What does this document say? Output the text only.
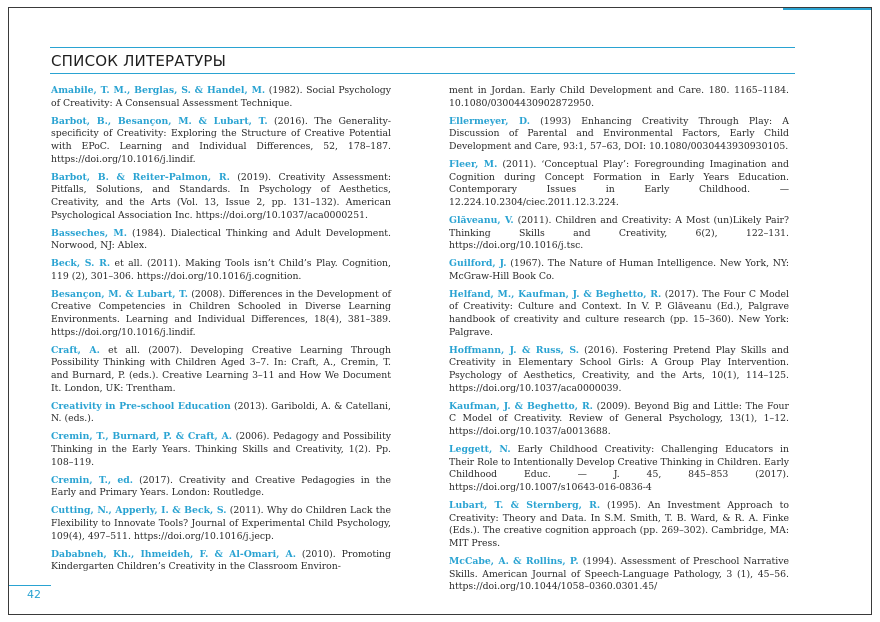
СПИСОК ЛИТЕРАТУРЫ

Amabile, T. M., Berglas, S. & Handel, M. (1982). Social Psychology of Creativity: A Consensual Assessment Technique.

Barbot, B., Besançon, M. & Lubart, T. (2016). The Generality-specificity of Creativity: Exploring the Structure of Creative Potential with EPoC. Learning and Individual Differences, 52, 178–187. https://doi.org/10.1016/j.lindif.

Barbot, B. & Reiter-Palmon, R. (2019). Creativity Assessment: Pitfalls, Solutions, and Standards. In Psychology of Aesthetics, Creativity, and the Arts (Vol. 13, Issue 2, pp. 131–132). American Psychological Association Inc. https://doi.org/10.1037/aca0000251.

Basseches, M. (1984). Dialectical Thinking and Adult Development. Norwood, NJ: Ablex.

Beck, S. R. et all. (2011). Making Tools isn’t Child’s Play. Cognition, 119 (2), 301–306. https://doi.org/10.1016/j.cognition.

Besançon, M. & Lubart, T. (2008). Differences in the Development of Creative Competencies in Children Schooled in Diverse Learning Environments. Learning and Individual Differences, 18(4), 381–389. https://doi.org/10.1016/j.lindif.

Craft, A. et all. (2007). Developing Creative Learning Through Possibility Thinking with Children Aged 3–7. In: Craft, A., Cremin, T. and Burnard, P. (eds.). Creative Learning 3–11 and How We Document It. London, UK: Trentham.

Creativity in Pre-school Education (2013). Gariboldi, A. & Catellani, N. (eds.).

Cremin, T., Burnard, P. & Craft, A. (2006). Pedagogy and Possibility Thinking in the Early Years. Thinking Skills and Creativity, 1(2). Pp. 108–119.

Cremin, T., ed. (2017). Creativity and Creative Pedagogies in the Early and Primary Years. London: Routledge.

Cutting, N., Apperly, I. & Beck, S. (2011). Why do Children Lack the Flexibility to Innovate Tools? Journal of Experimental Child Psychology, 109(4), 497–511. https://doi.org/10.1016/j.jecp.

Dababneh, Kh., Ihmeideh, F. & Al-Omari, A. (2010). Promoting Kindergarten Children’s Creativity in the Classroom Environ-

ment in Jordan. Early Child Development and Care. 180. 1165–1184. 10.1080/03004430902872950.

Ellermeyer, D. (1993) Enhancing Creativity Through Play: A Discussion of Parental and Environmental Factors, Early Child Development and Care, 93:1, 57–63, DOI: 10.1080/0030443930930105.

Fleer, M. (2011). ‘Conceptual Play’: Foregrounding Imagination and Cognition during Concept Formation in Early Years Education. Contemporary Issues in Early Childhood. — 12.224.10.2304/ciec.2011.12.3.224.

Glăveanu, V. (2011). Children and Creativity: A Most (un)Likely Pair? Thinking Skills and Creativity, 6(2), 122–131. https://doi.org/10.1016/j.tsc.

Guilford, J. (1967). The Nature of Human Intelligence. New York, NY: McGraw-Hill Book Co.

Helfand, M., Kaufman, J. & Beghetto, R. (2017). The Four C Model of Creativity: Culture and Context. In V. P. Glăveanu (Ed.), Palgrave handbook of creativity and culture research (pp. 15–360). New York: Palgrave.

Hoffmann, J. & Russ, S. (2016). Fostering Pretend Play Skills and Creativity in Elementary School Girls: A Group Play Intervention. Psychology of Aesthetics, Creativity, and the Arts, 10(1), 114–125. https://doi.org/10.1037/aca0000039.

Kaufman, J. & Beghetto, R. (2009). Beyond Big and Little: The Four C Model of Creativity. Review of General Psychology, 13(1), 1–12. https://doi.org/10.1037/a0013688.

Leggett, N. Early Childhood Creativity: Challenging Educators in Their Role to Intentionally Develop Creative Thinking in Children. Early Childhood Educ. — J. 45, 845–853 (2017). https://doi.org/10.1007/s10643-016-0836-4

Lubart, T. & Sternberg, R. (1995). An Investment Approach to Creativity: Theory and Data. In S.M. Smith, T. B. Ward, & R. A. Finke (Eds.). The creative cognition approach (pp. 269–302). Cambridge, MA: MIT Press.

McCabe, A. & Rollins, P. (1994). Assessment of Preschool Narrative Skills. American Journal of Speech-Language Pathology, 3 (1), 45–56. https://doi.org/10.1044/1058–0360.0301.45/

42
